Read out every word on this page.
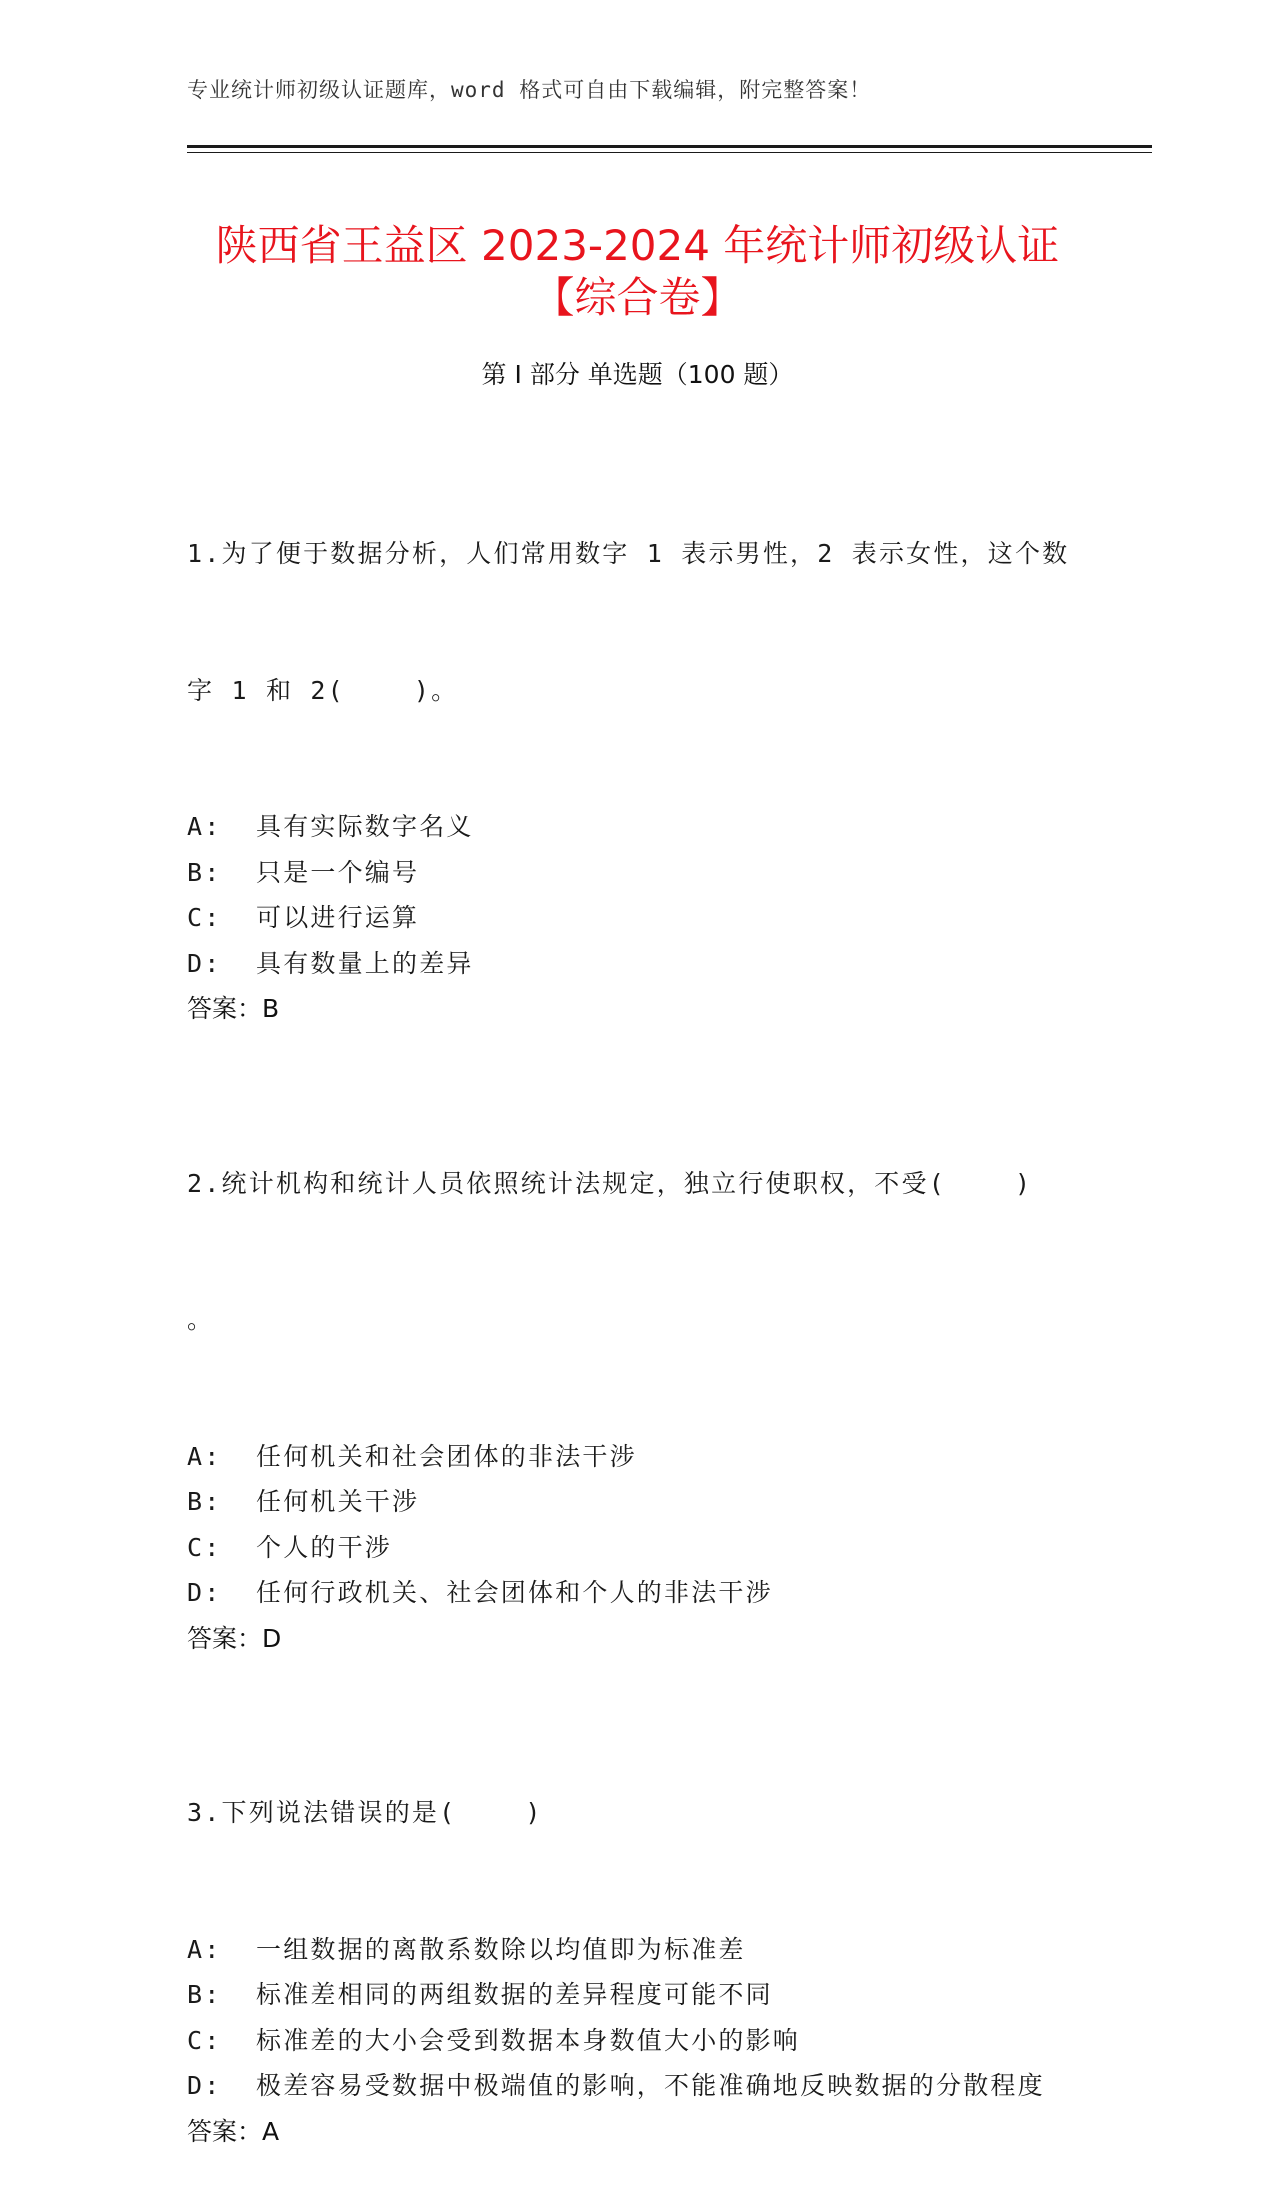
专业统计师初级认证题库，word 格式可自由下载编辑，附完整答案！
陕西省王益区 2023-2024 年统计师初级认证
【综合卷】
第 I 部分 单选题（100 题）

1.为了便于数据分析，人们常用数字 1 表示男性，2 表示女性，这个数

字 1 和 2(    )。

A:  具有实际数字名义
B:  只是一个编号
C:  可以进行运算
D:  具有数量上的差异
答案：B

2.统计机构和统计人员依照统计法规定，独立行使职权，不受(    )

。

A:  任何机关和社会团体的非法干涉
B:  任何机关干涉
C:  个人的干涉
D:  任何行政机关、社会团体和个人的非法干涉
答案：D

3.下列说法错误的是(    )

A:  一组数据的离散系数除以均值即为标准差
B:  标准差相同的两组数据的差异程度可能不同
C:  标准差的大小会受到数据本身数值大小的影响
D:  极差容易受数据中极端值的影响，不能准确地反映数据的分散程度
答案：A
